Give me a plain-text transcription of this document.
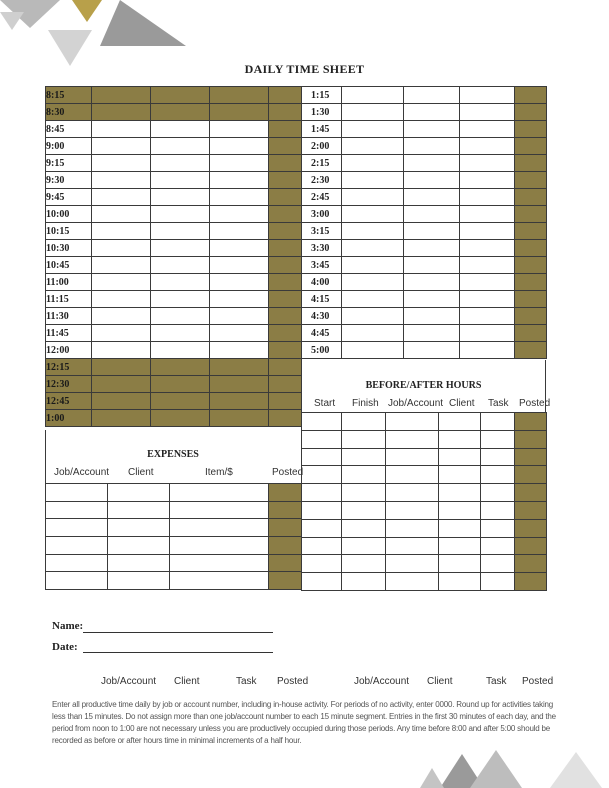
DAILY TIME SHEET
8:15				
8:30				
8:45				
9:00				
9:15				
9:30				
9:45				
10:00				
10:15				
10:30				
10:45				
11:00				
11:15				
11:30				
11:45				
12:00				
12:15				
12:30				
12:45				
1:00				
1:15				
1:30				
1:45				
2:00				
2:15				
2:30				
2:45				
3:00				
3:15				
3:30				
3:45				
4:00				
4:15				
4:30				
4:45				
5:00				
BEFORE/AFTER HOURS
Start Finish Job/Account Client Task Posted

EXPENSES
Job/Account Client	Item/$	Posted

Name:
Date:
Job/Account Client	Task Posted	Job/Account Client	Task Posted
Enter all productive time daily by job or account number, including in-house activity. For periods of no activity, enter 0000. Round up for activities taking less than 15 minutes. Do not assign more than one job/account number to each 15 minute segment. Entries in the first 30 minutes of each day, and the period from noon to 1:00 are not necessary unless you are productively occupied during those periods. Any time before 8:00 and after 5:00 should be recorded as before or after hours time in minimal increments of a half hour.
